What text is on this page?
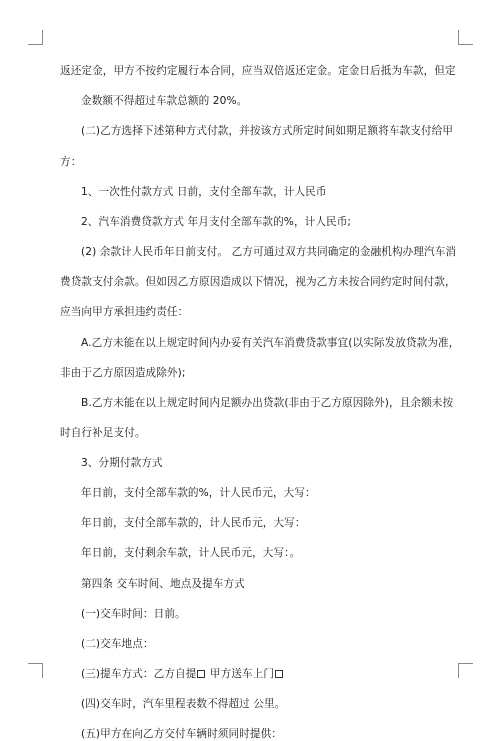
返还定金，甲方不按约定履行本合同，应当双倍返还定金。定金日后抵为车款，但定
金数额不得超过车款总额的 20%。
(二)乙方选择下述第种方式付款，并按该方式所定时间如期足额将车款支付给甲
方：
1、一次性付款方式 日前，支付全部车款，计人民币
2、汽车消费贷款方式 年月支付全部车款的%，计人民币;
(2) 余款计人民币年日前支付。 乙方可通过双方共同确定的金融机构办理汽车消
费贷款支付余款。但如因乙方原因造成以下情况，视为乙方未按合同约定时间付款，
应当向甲方承担违约责任：
A.乙方未能在以上规定时间内办妥有关汽车消费贷款事宜(以实际发放贷款为准，
非由于乙方原因造成除外);
B.乙方未能在以上规定时间内足额办出贷款(非由于乙方原因除外)，且余额未按
时自行补足支付。
3、分期付款方式
年日前，支付全部车款的%，计人民币元，大写：
年日前，支付全部车款的，计人民币元，大写：
年日前，支付剩余车款，计人民币元，大写：。
第四条 交车时间、地点及提车方式
(一)交车时间：日前。
(二)交车地点：
(三)提车方式：乙方自提 甲方送车上门
(四)交车时，汽车里程表数不得超过 公里。
(五)甲方在向乙方交付车辆时须同时提供：
